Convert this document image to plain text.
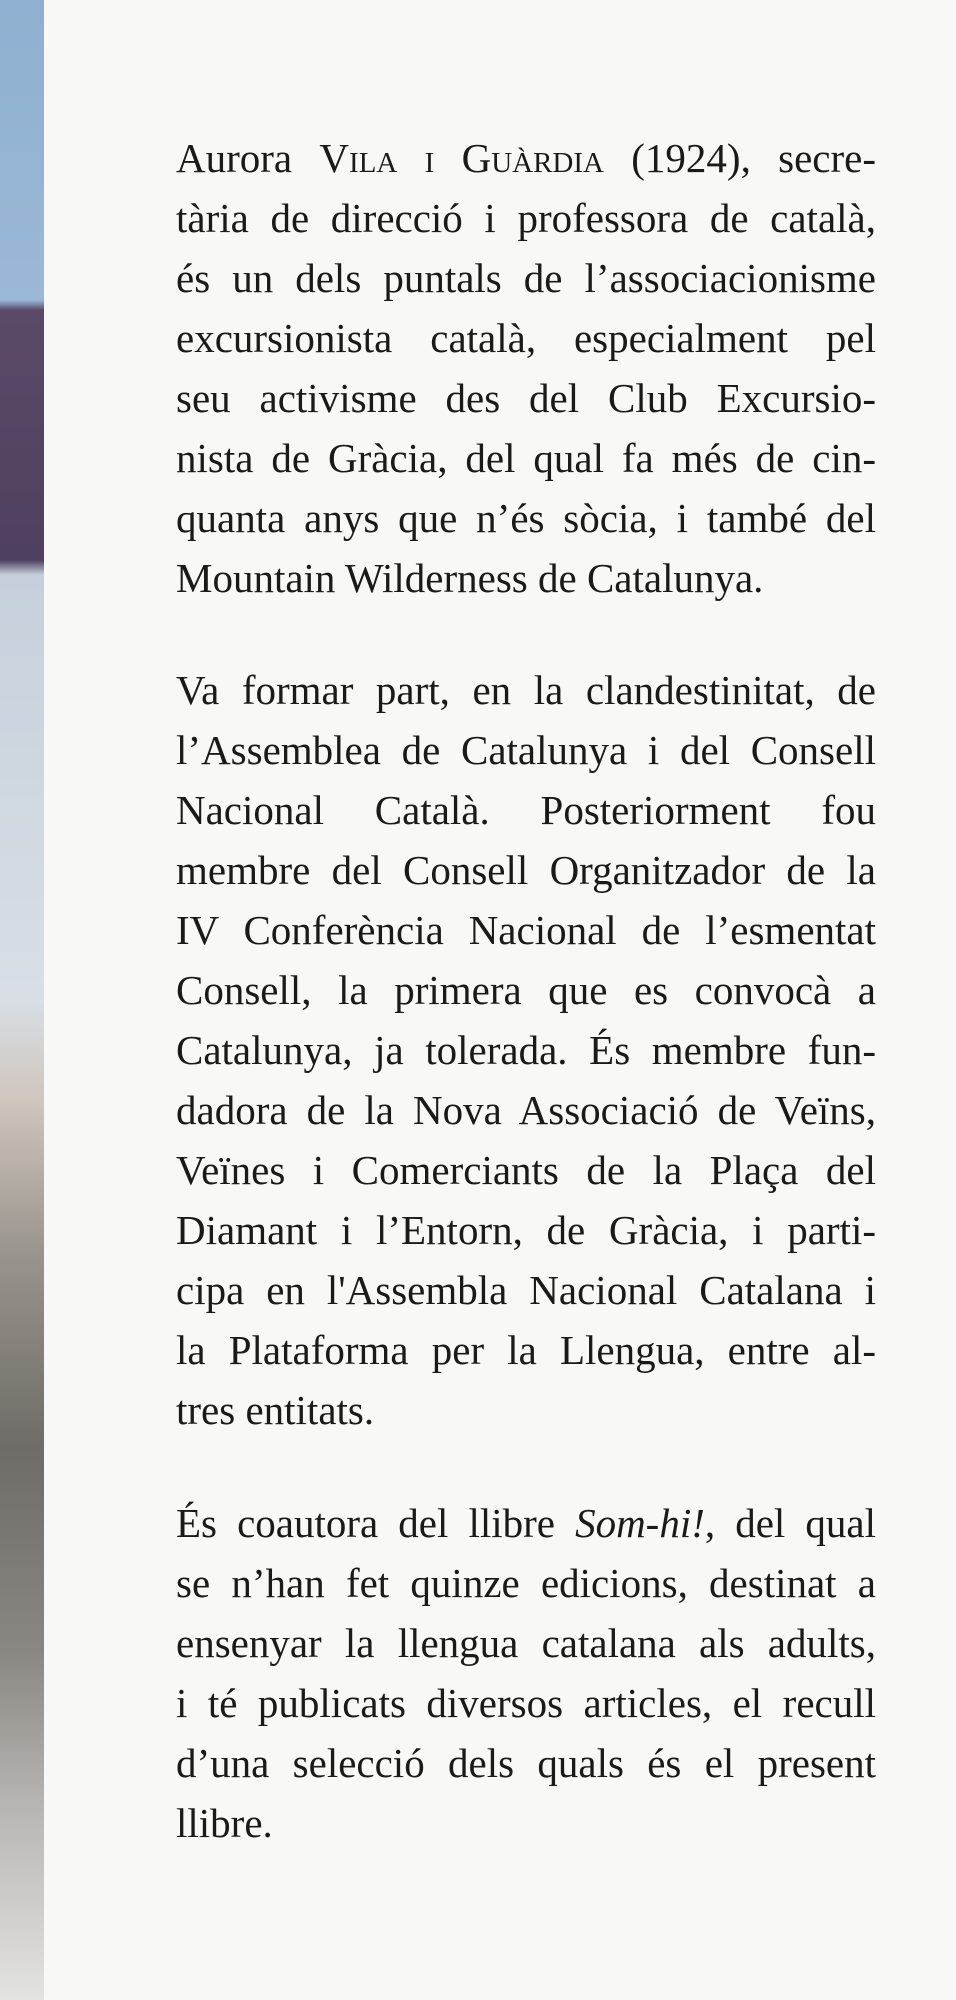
Aurora Vila i Guàrdia (1924), secre-
tària de direcció i professora de català,
és un dels puntals de l’associacionisme
excursionista català, especialment pel
seu activisme des del Club Excursio-
nista de Gràcia, del qual fa més de cin-
quanta anys que n’és sòcia, i també del
Mountain Wilderness de Catalunya.
Va formar part, en la clandestinitat, de
l’Assemblea de Catalunya i del Consell
Nacional Català. Posteriorment fou
membre del Consell Organitzador de la
IV Conferència Nacional de l’esmentat
Consell, la primera que es convocà a
Catalunya, ja tolerada. És membre fun-
dadora de la Nova Associació de Veïns,
Veïnes i Comerciants de la Plaça del
Diamant i l’Entorn, de Gràcia, i parti-
cipa en l'Assembla Nacional Catalana i
la Plataforma per la Llengua, entre al-
tres entitats.
És coautora del llibre Som-hi!, del qual
se n’han fet quinze edicions, destinat a
ensenyar la llengua catalana als adults,
i té publicats diversos articles, el recull
d’una selecció dels quals és el present
llibre.
